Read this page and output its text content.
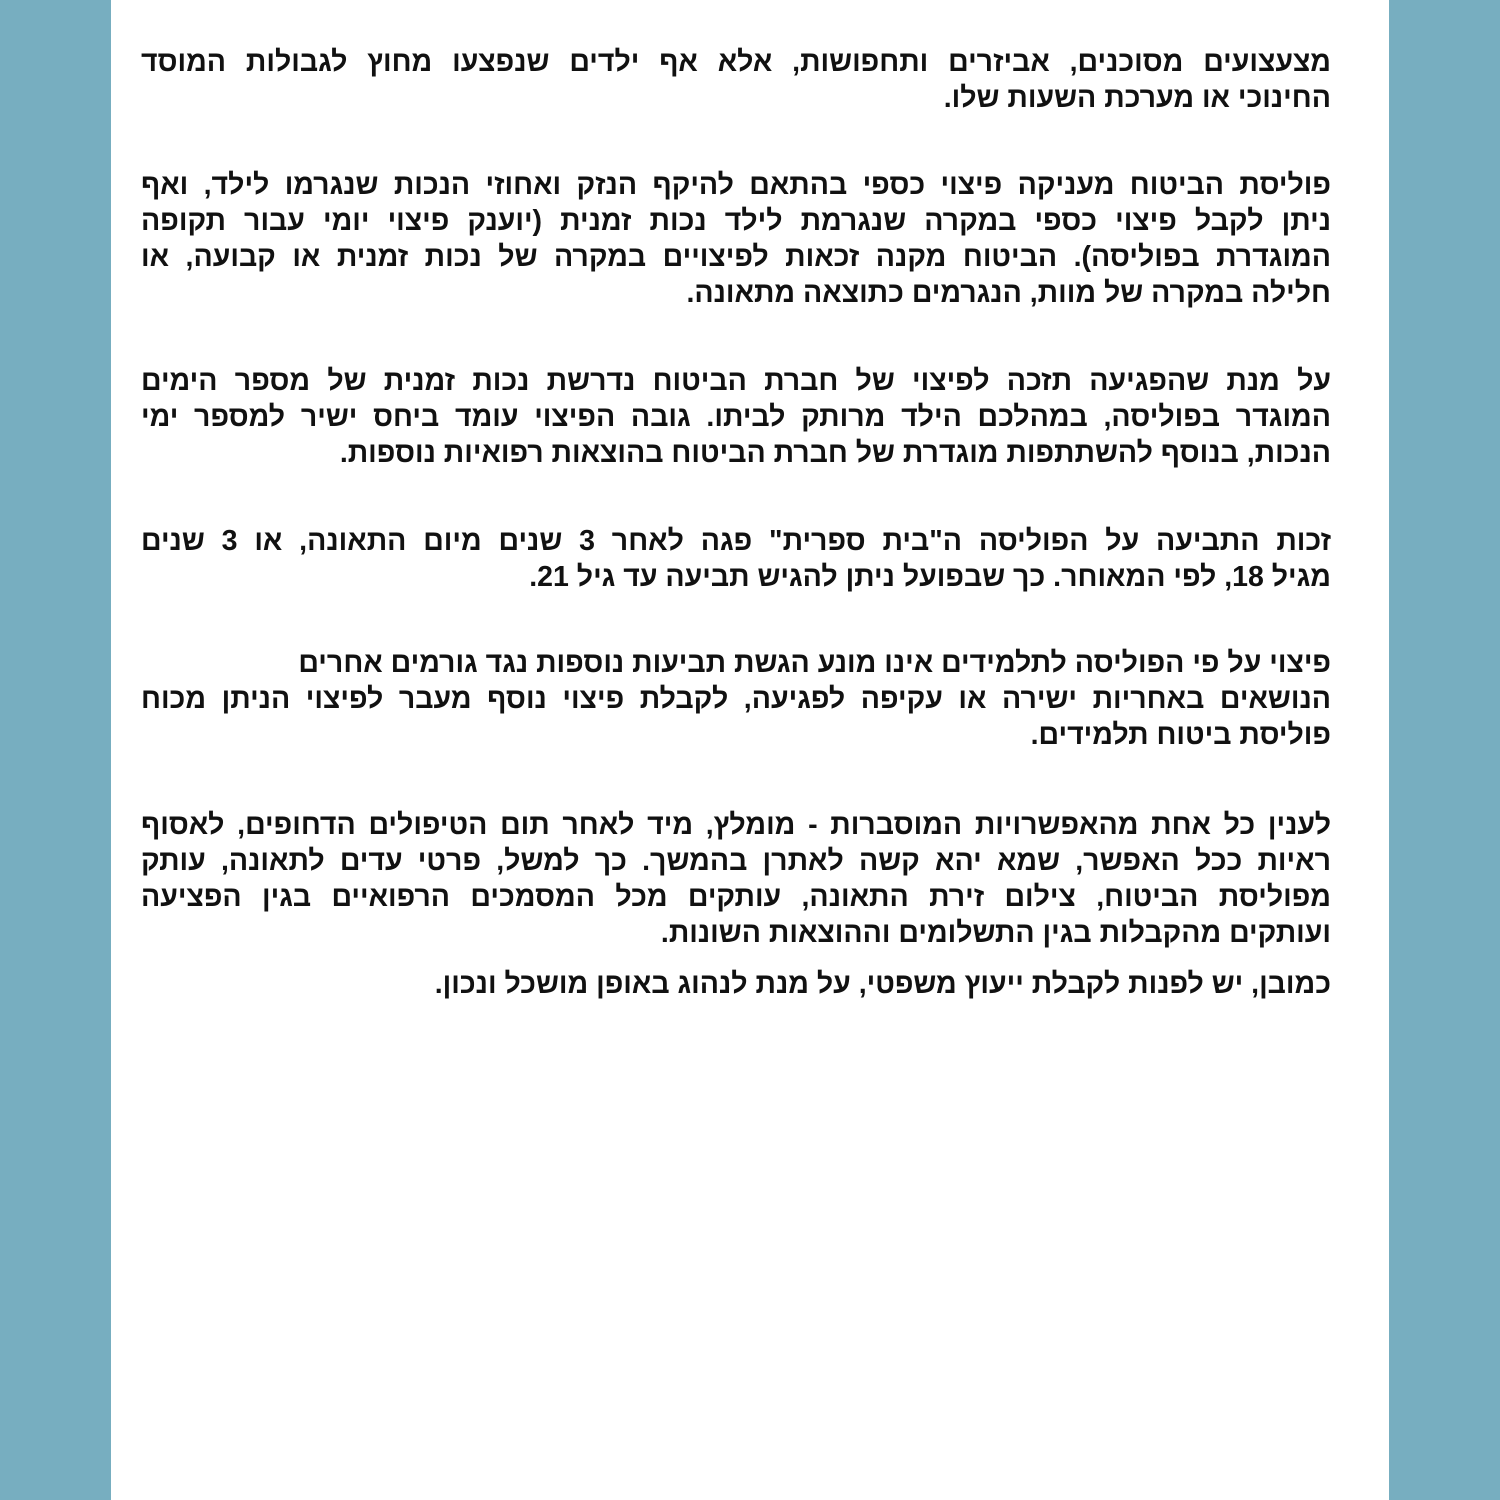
מצעצועים מסוכנים, אביזרים ותחפושות, אלא אף ילדים שנפצעו מחוץ לגבולות המוסד
החינוכי או מערכת השעות שלו.
פוליסת הביטוח מעניקה פיצוי כספי בהתאם להיקף הנזק ואחוזי הנכות שנגרמו לילד, ואף
ניתן לקבל פיצוי כספי במקרה שנגרמת לילד נכות זמנית (יוענק פיצוי יומי עבור תקופה
המוגדרת בפוליסה). הביטוח מקנה זכאות לפיצויים במקרה של נכות זמנית או קבועה, או
חלילה במקרה של מוות, הנגרמים כתוצאה מתאונה.
על מנת שהפגיעה תזכה לפיצוי של חברת הביטוח נדרשת נכות זמנית של מספר הימים
המוגדר בפוליסה, במהלכם הילד מרותק לביתו. גובה הפיצוי עומד ביחס ישיר למספר ימי
הנכות, בנוסף להשתתפות מוגדרת של חברת הביטוח בהוצאות רפואיות נוספות.
זכות התביעה על הפוליסה ה"בית ספרית" פגה לאחר 3 שנים מיום התאונה, או 3 שנים
מגיל 18, לפי המאוחר. כך שבפועל ניתן להגיש תביעה עד גיל 21.
פיצוי על פי הפוליסה לתלמידים אינו מונע הגשת תביעות נוספות נגד גורמים אחרים
הנושאים באחריות ישירה או עקיפה לפגיעה, לקבלת פיצוי נוסף מעבר לפיצוי הניתן מכוח
פוליסת ביטוח תלמידים.
לענין כל אחת מהאפשרויות המוסברות - מומלץ, מיד לאחר תום הטיפולים הדחופים, לאסוף
ראיות ככל האפשר, שמא יהא קשה לאתרן בהמשך. כך למשל, פרטי עדים לתאונה, עותק
מפוליסת הביטוח, צילום זירת התאונה, עותקים מכל המסמכים הרפואיים בגין הפציעה
ועותקים מהקבלות בגין התשלומים וההוצאות השונות.
כמובן, יש לפנות לקבלת ייעוץ משפטי, על מנת לנהוג באופן מושכל ונכון.
